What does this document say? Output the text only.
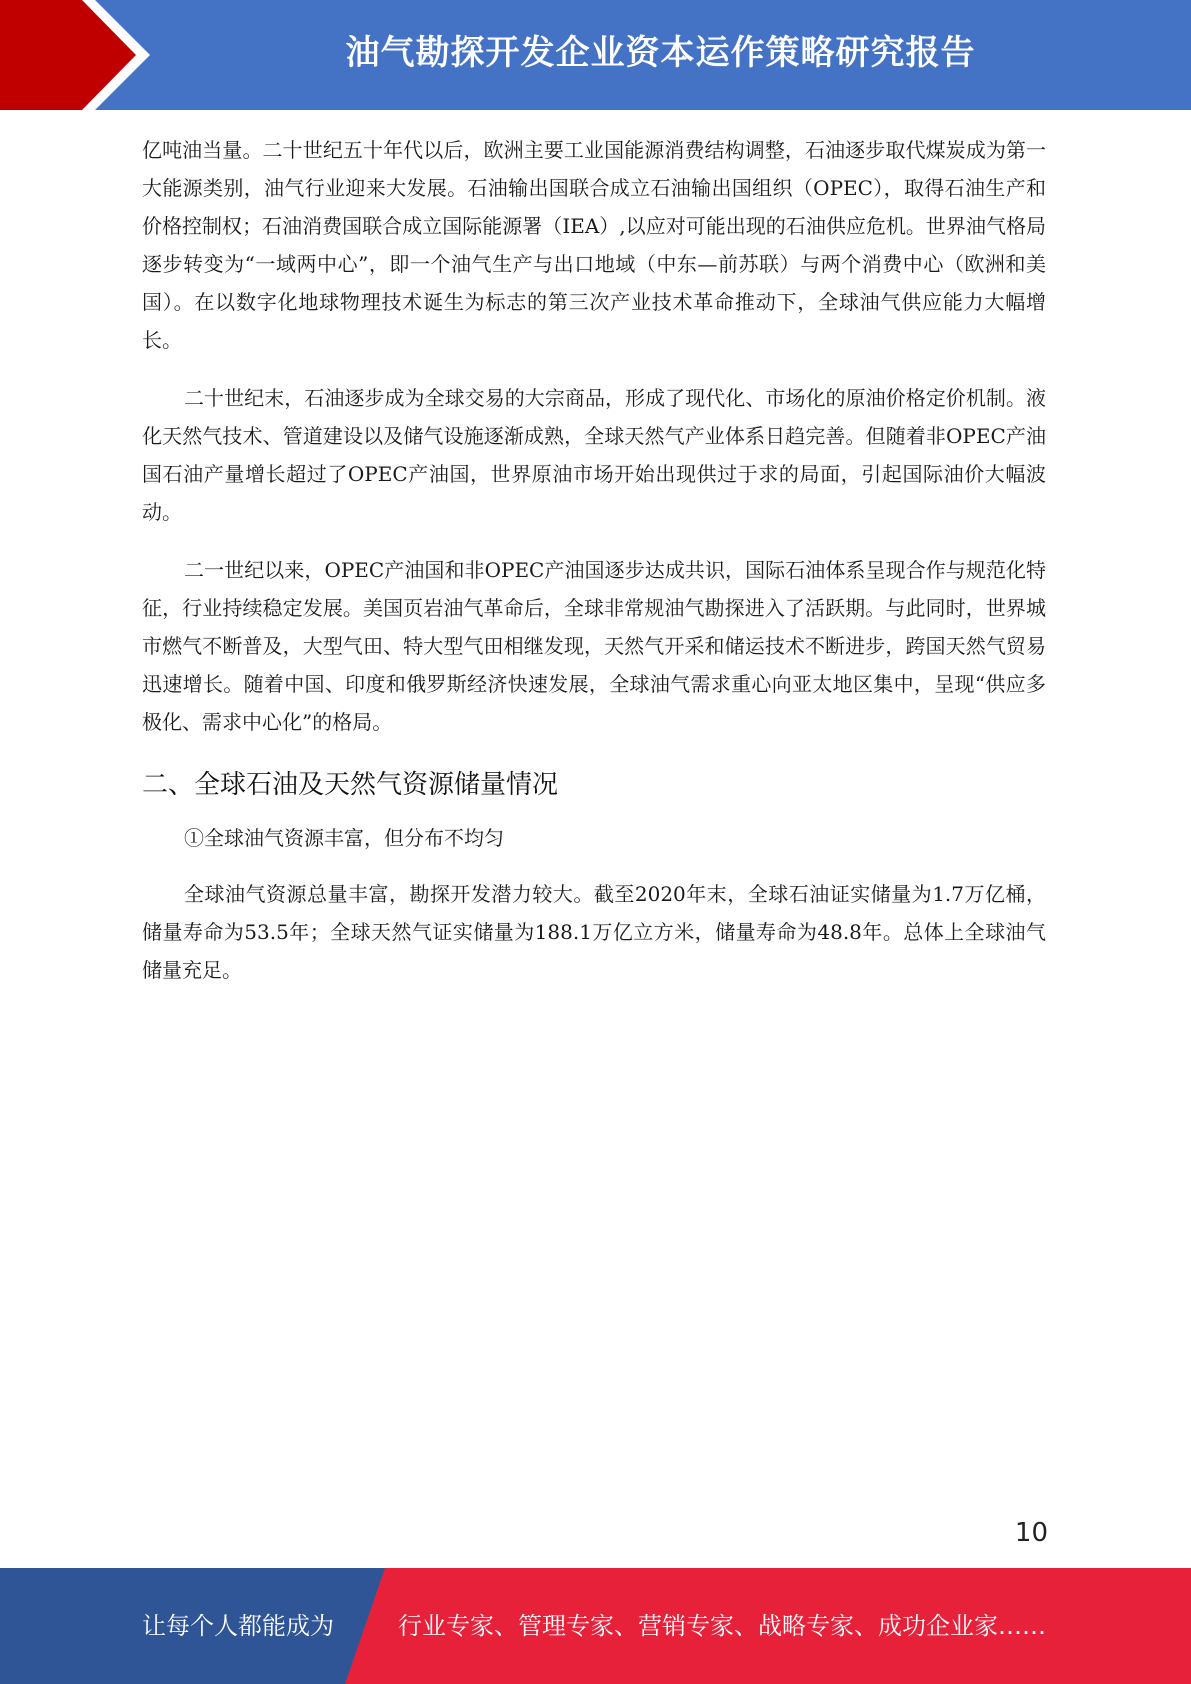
油气勘探开发企业资本运作策略研究报告

亿吨油当量。二十世纪五十年代以后，欧洲主要工业国能源消费结构调整，石油逐步取代煤炭成为第一大能源类别，油气行业迎来大发展。石油输出国联合成立石油输出国组织（OPEC），取得石油生产和价格控制权；石油消费国联合成立国际能源署（IEA）,以应对可能出现的石油供应危机。世界油气格局逐步转变为“一域两中心”，即一个油气生产与出口地域（中东—前苏联）与两个消费中心（欧洲和美国）。在以数字化地球物理技术诞生为标志的第三次产业技术革命推动下，全球油气供应能力大幅增长。

二十世纪末，石油逐步成为全球交易的大宗商品，形成了现代化、市场化的原油价格定价机制。液化天然气技术、管道建设以及储气设施逐渐成熟，全球天然气产业体系日趋完善。但随着非OPEC产油国石油产量增长超过了OPEC产油国，世界原油市场开始出现供过于求的局面，引起国际油价大幅波动。

二一世纪以来，OPEC产油国和非OPEC产油国逐步达成共识，国际石油体系呈现合作与规范化特征，行业持续稳定发展。美国页岩油气革命后，全球非常规油气勘探进入了活跃期。与此同时，世界城市燃气不断普及，大型气田、特大型气田相继发现，天然气开采和储运技术不断进步，跨国天然气贸易迅速增长。随着中国、印度和俄罗斯经济快速发展，全球油气需求重心向亚太地区集中，呈现“供应多极化、需求中心化”的格局。

二、全球石油及天然气资源储量情况

①全球油气资源丰富，但分布不均匀

全球油气资源总量丰富，勘探开发潜力较大。截至2020年末，全球石油证实储量为1.7万亿桶，储量寿命为53.5年；全球天然气证实储量为188.1万亿立方米，储量寿命为48.8年。总体上全球油气储量充足。

10
让每个人都能成为	行业专家、管理专家、营销专家、战略专家、成功企业家……
